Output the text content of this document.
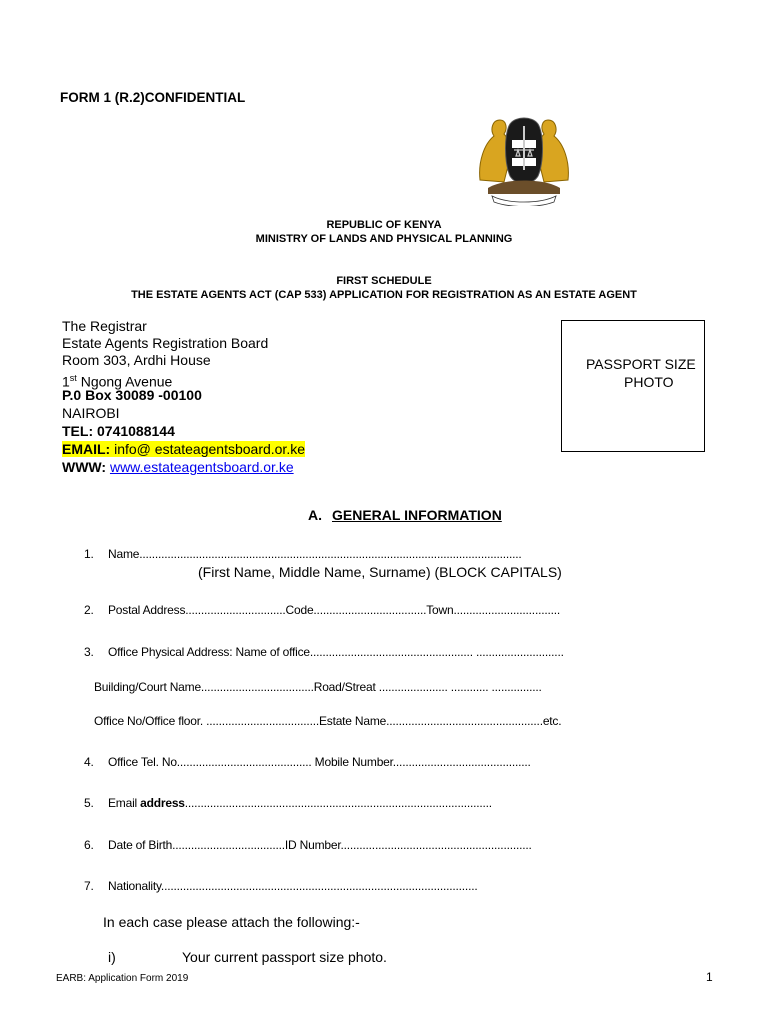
FORM 1 (R.2)CONFIDENTIAL
REPUBLIC OF KENYA
MINISTRY OF LANDS AND PHYSICAL PLANNING
FIRST SCHEDULE
THE ESTATE AGENTS ACT (CAP 533) APPLICATION FOR REGISTRATION AS AN ESTATE AGENT
The Registrar
Estate Agents Registration Board
Room 303, Ardhi House
1st Ngong Avenue
P.0 Box 30089 -00100
NAIROBI
TEL: 0741088144
EMAIL: info@ estateagentsboard.or.ke
WWW: www.estateagentsboard.or.ke
PASSPORT SIZE
PHOTO
A. GENERAL INFORMATION
1. Name..........................................................................................................................
(First Name, Middle Name, Surname) (BLOCK CAPITALS)
2. Postal Address................................Code....................................Town..................................
3. Office Physical Address: Name of office.................................................... ............................
Building/Court Name....................................Road/Streat ...................... ............ ................
Office No/Office floor. ....................................Estate Name..................................................etc.
4. Office Tel. No........................................... Mobile Number............................................
5. Email address..................................................................................................
6. Date of Birth....................................ID Number.............................................................
7. Nationality.....................................................................................................
In each case please attach the following:-
i)	Your current passport size photo.
EARB: Application Form 2019	1
